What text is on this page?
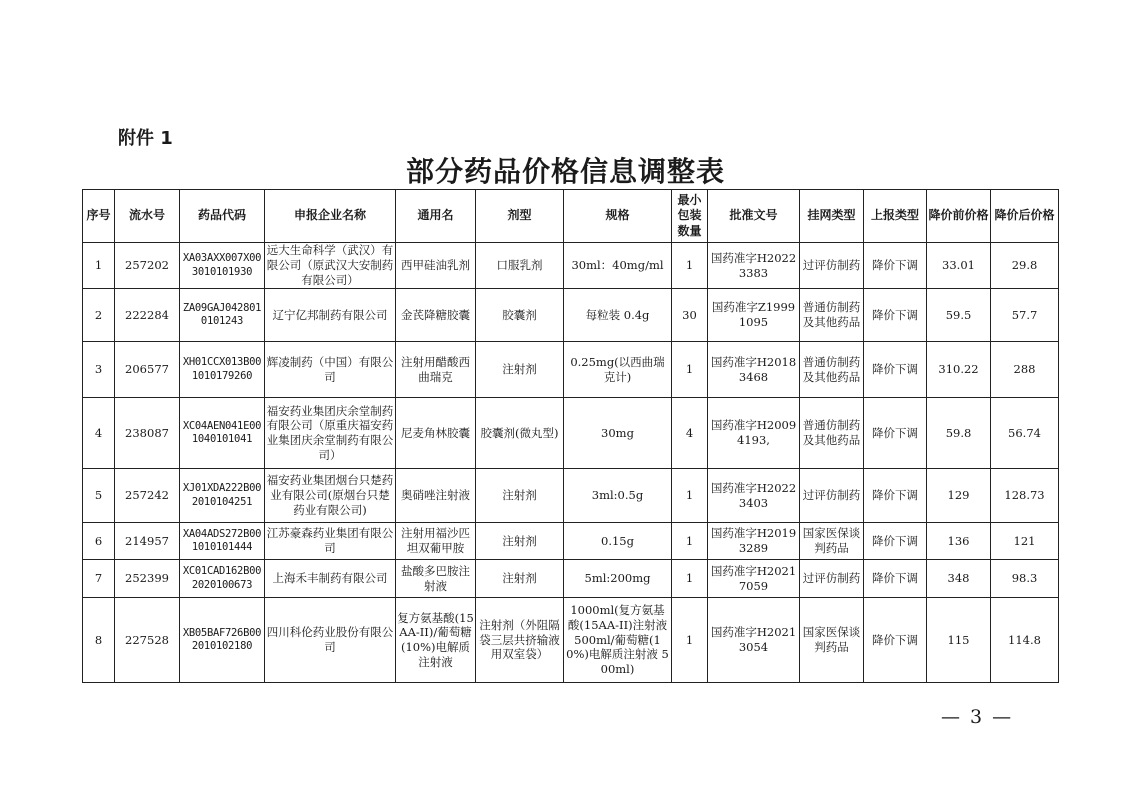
附件 1
部分药品价格信息调整表
序号	流水号	药品代码	申报企业名称	通用名	剂型	规格	最小包装数量	批准文号	挂网类型	上报类型	降价前价格	降价后价格
1	257202	XA03AXX007X003010101930	远大生命科学（武汉）有限公司（原武汉大安制药有限公司）	西甲硅油乳剂	口服乳剂	30ml：40mg/ml	1	国药准字H20223383	过评仿制药	降价下调	33.01	29.8
2	222284	ZA09GAJ0428010101243	辽宁亿邦制药有限公司	金芪降糖胶囊	胶囊剂	每粒装 0.4g	30	国药准字Z19991095	普通仿制药及其他药品	降价下调	59.5	57.7
3	206577	XH01CCX013B001010179260	辉凌制药（中国）有限公司	注射用醋酸西曲瑞克	注射剂	0.25mg(以西曲瑞克计)	1	国药准字H20183468	普通仿制药及其他药品	降价下调	310.22	288
4	238087	XC04AEN041E001040101041	福安药业集团庆余堂制药有限公司（原重庆福安药业集团庆余堂制药有限公司）	尼麦角林胶囊	胶囊剂(微丸型)	30mg	4	国药准字H20094193,	普通仿制药及其他药品	降价下调	59.8	56.74
5	257242	XJ01XDA222B002010104251	福安药业集团烟台只楚药业有限公司(原烟台只楚药业有限公司)	奥硝唑注射液	注射剂	3ml:0.5g	1	国药准字H20223403	过评仿制药	降价下调	129	128.73
6	214957	XA04ADS272B001010101444	江苏豪森药业集团有限公司	注射用福沙匹坦双葡甲胺	注射剂	0.15g	1	国药准字H20193289	国家医保谈判药品	降价下调	136	121
7	252399	XC01CAD162B002020100673	上海禾丰制药有限公司	盐酸多巴胺注射液	注射剂	5ml:200mg	1	国药准字H20217059	过评仿制药	降价下调	348	98.3
8	227528	XB05BAF726B002010102180	四川科伦药业股份有限公司	复方氨基酸(15AA-II)/葡萄糖(10%)电解质注射液	注射剂（外阻隔袋三层共挤输液用双室袋）	1000ml(复方氨基酸(15AA-II)注射液 500ml/葡萄糖(10%)电解质注射液 500ml)	1	国药准字H20213054	国家医保谈判药品	降价下调	115	114.8
— 3 —
